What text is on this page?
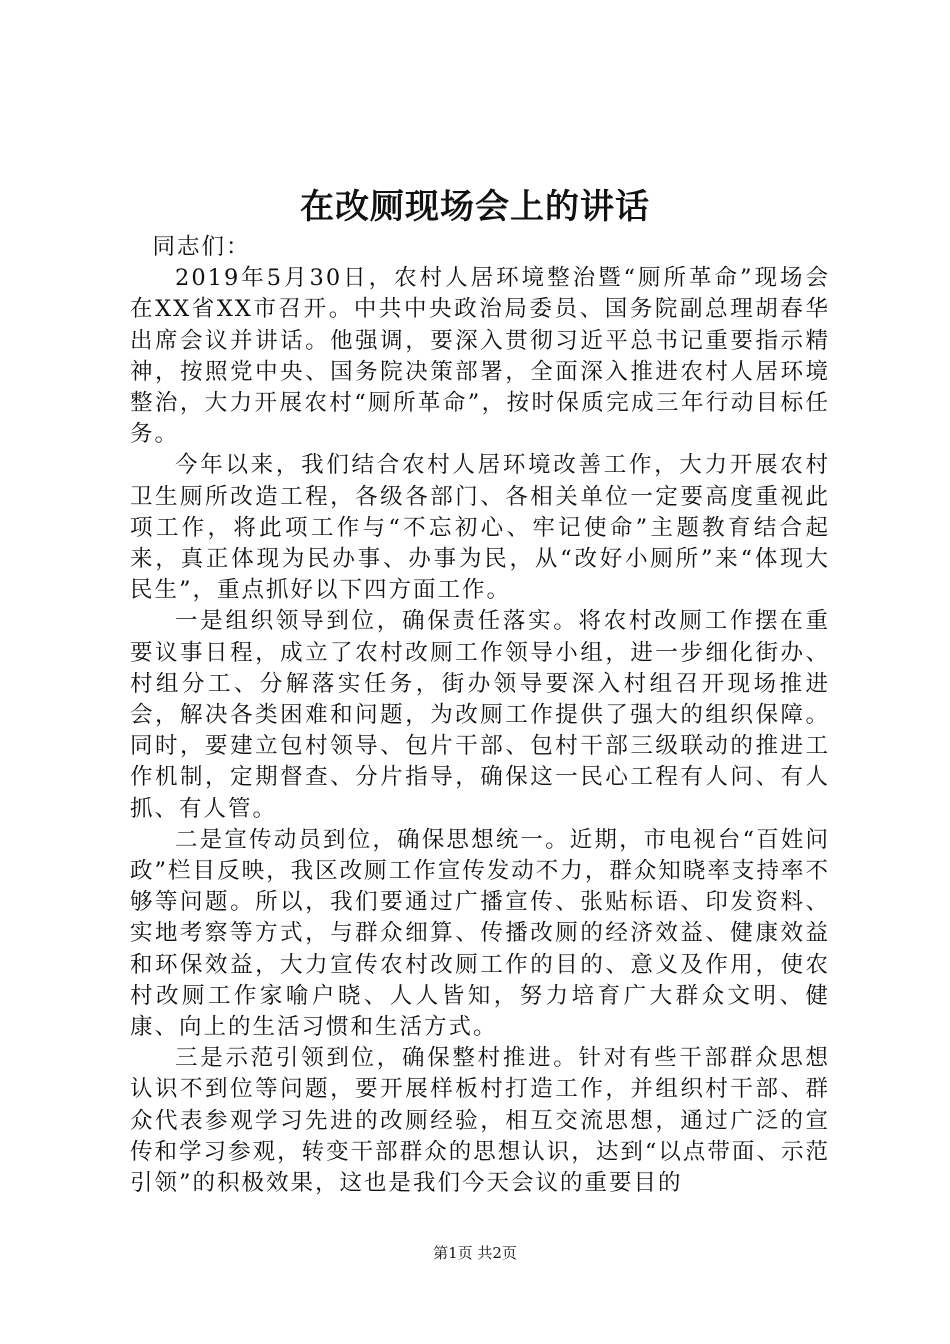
在改厕现场会上的讲话

同志们：

2019年5月30日，农村人居环境整治暨“厕所革命”现场会在XX省XX市召开。中共中央政治局委员、国务院副总理胡春华出席会议并讲话。他强调，要深入贯彻习近平总书记重要指示精神，按照党中央、国务院决策部署，全面深入推进农村人居环境整治，大力开展农村“厕所革命”，按时保质完成三年行动目标任务。

今年以来，我们结合农村人居环境改善工作，大力开展农村卫生厕所改造工程，各级各部门、各相关单位一定要高度重视此项工作，将此项工作与“不忘初心、牢记使命”主题教育结合起来，真正体现为民办事、办事为民，从“改好小厕所”来“体现大民生”，重点抓好以下四方面工作。

一是组织领导到位，确保责任落实。将农村改厕工作摆在重要议事日程，成立了农村改厕工作领导小组，进一步细化街办、村组分工、分解落实任务，街办领导要深入村组召开现场推进会，解决各类困难和问题，为改厕工作提供了强大的组织保障。同时，要建立包村领导、包片干部、包村干部三级联动的推进工作机制，定期督查、分片指导，确保这一民心工程有人问、有人抓、有人管。

二是宣传动员到位，确保思想统一。近期，市电视台“百姓问政”栏目反映，我区改厕工作宣传发动不力，群众知晓率支持率不够等问题。所以，我们要通过广播宣传、张贴标语、印发资料、实地考察等方式，与群众细算、传播改厕的经济效益、健康效益和环保效益，大力宣传农村改厕工作的目的、意义及作用，使农村改厕工作家喻户晓、人人皆知，努力培育广大群众文明、健康、向上的生活习惯和生活方式。

三是示范引领到位，确保整村推进。针对有些干部群众思想认识不到位等问题，要开展样板村打造工作，并组织村干部、群众代表参观学习先进的改厕经验，相互交流思想，通过广泛的宣传和学习参观，转变干部群众的思想认识，达到“以点带面、示范引领”的积极效果，这也是我们今天会议的重要目的

第1页 共2页
